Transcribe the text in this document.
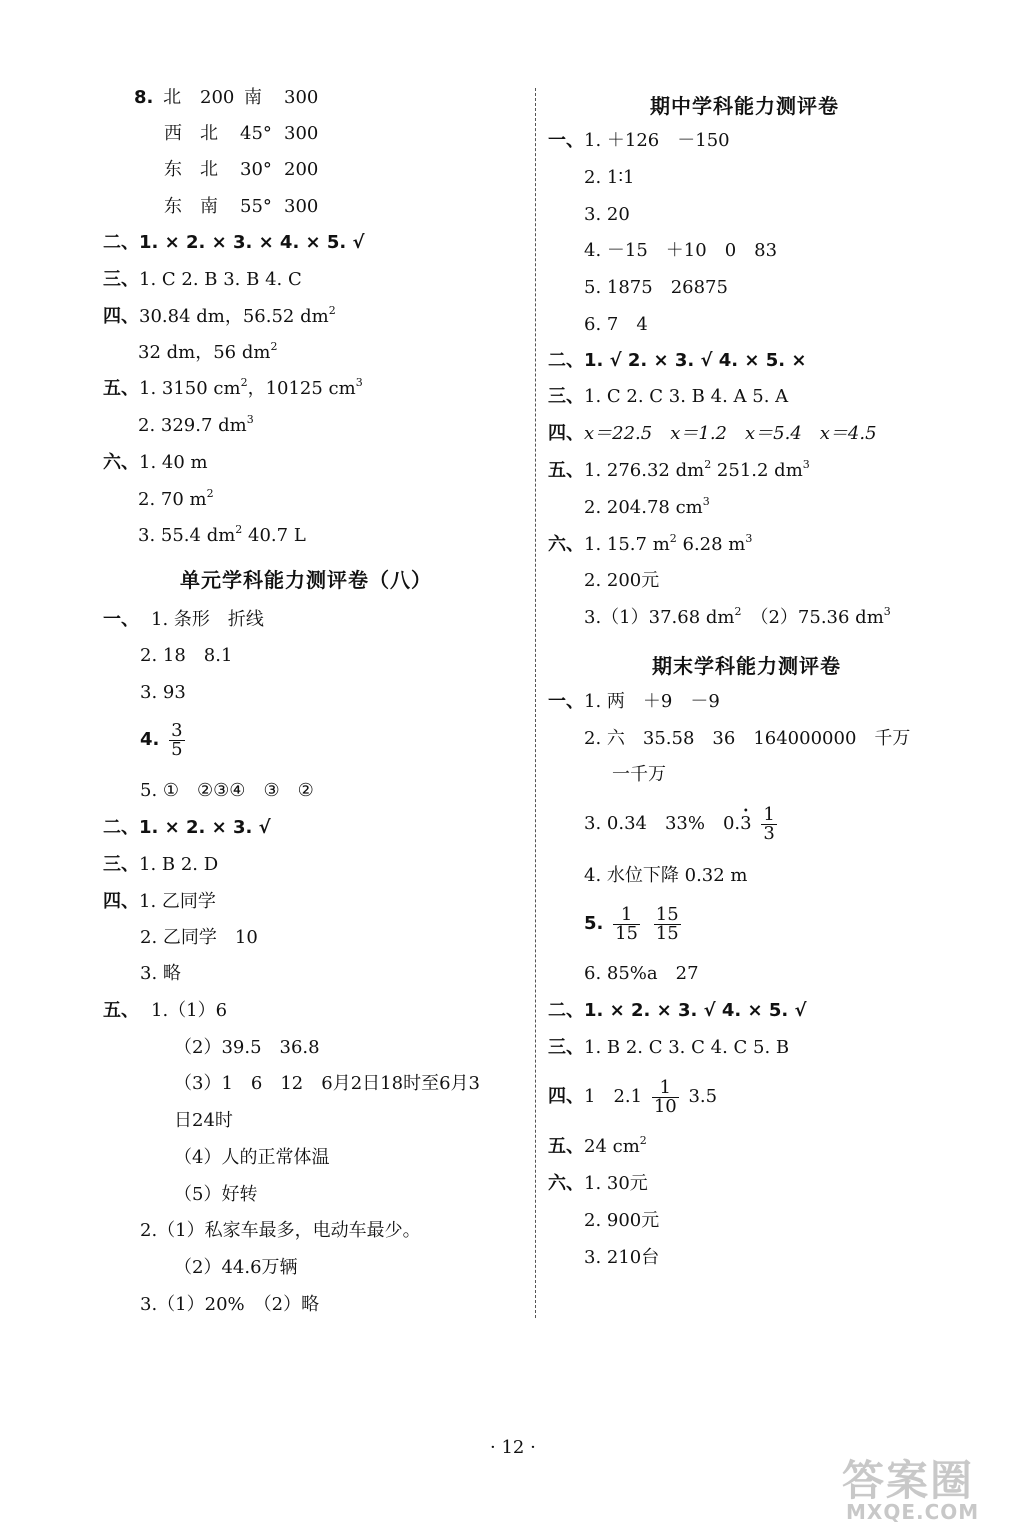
8. 北 200 南 300
西 北 45° 300
东 北 30° 200
东 南 55° 300
二、1. × 2. × 3. × 4. × 5. √
三、1. C 2. B 3. B 4. C
四、30.84 dm，56.52 $dm^2$
32 dm，56 $dm^2$
五、1. 3150 $cm^2$，10125 $cm^3$
2. 329.7 $dm^3$
六、1. 40 m
2. 70 $m^2$
3. 55.4 $dm^2$ 40.7 L
单元学科能力测评卷（八）
一、 1. 条形　折线
2. 18　8.1
3. 93
4. $\frac{3}{5}$
5. ①　②③④　③　②
二、1. × 2. × 3. √
三、1. B 2. D
四、1. 乙同学
2. 乙同学　10
3. 略
五、 1.（1）6
（2）39.5　36.8
（3）1　6　12　6月2日18时至6月3
日24时
（4）人的正常体温
（5）好转
2.（1）私家车最多，电动车最少。
（2）44.6万辆
3.（1）20%　（2）略
期中学科能力测评卷
一、1. ＋126　－150
2. 1∶1
3. 20
4. －15　＋10　0　83
5. 1875　26875
6. 7　4
二、1. √ 2. × 3. √ 4. × 5. ×
三、1. C 2. C 3. B 4. A 5. A
四、x＝22.5　x＝1.2　x＝5.4　x＝4.5
五、1. 276.32 $dm^2$ 251.2 $dm^3$
2. 204.78 $cm^3$
六、1. 15.7 $m^2$ 6.28 $m^3$
2. 200元
3.（1）37.68 $dm^2$　（2）75.36 $dm^3$
期末学科能力测评卷
一、1. 两　＋9　－9
2. 六　35.58　36　164000000　千万
一千万
3. 0.34　33%　0.• $3 \frac{1}{3}$
4. 水位下降 0.32 m
5. $\frac{1}{15}$
$\frac{15}{15}$
6. 85%a　27
二、1. × 2. × 3. √ 4. × 5. √
三、1. B 2. C 3. C 4. C 5. B
四、1　$2.1 \frac{1}{10} 3.5$
五、24 $cm^2$
六、1. 30元
2. 900元
3. 210台
· 12 ·
答案圈
MXQE.COM
